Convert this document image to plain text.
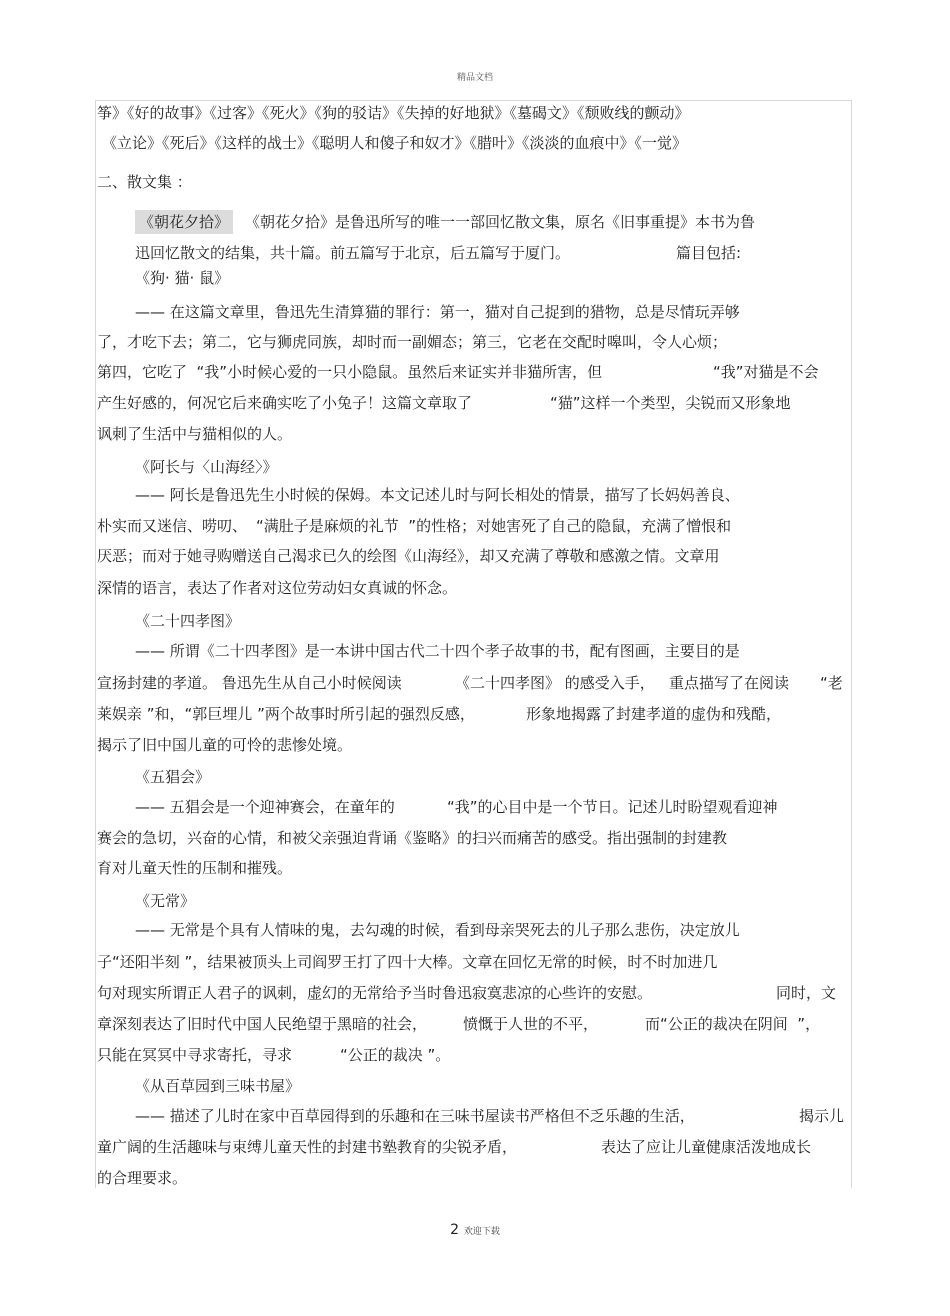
精品文档
筝》《好的故事》《过客》《死火》《狗的驳诘》《失掉的好地狱》《墓碣文》《颓败线的颤动》
《立论》《死后》《这样的战士》《聪明人和傻子和奴才》《腊叶》《淡淡的血痕中》《一觉》
二、散文集 ：
《朝花夕拾》 《朝花夕拾》是鲁迅所写的唯一一部回忆散文集，原名《旧事重提》本书为鲁
迅回忆散文的结集，共十篇。前五篇写于北京，后五篇写于厦门。	篇目包括:
《狗· 猫· 鼠》
—— 在这篇文章里，鲁迅先生清算猫的罪行：第一，猫对自己捉到的猎物，总是尽情玩弄够
了，才吃下去；第二，它与狮虎同族，却时而一副媚态；第三，它老在交配时嗥叫，令人心烦；
第四，它吃了  “我”小时候心爱的一只小隐鼠。虽然后来证实并非猫所害，但	“我”对猫是不会
产生好感的，何况它后来确实吃了小兔子！这篇文章取了	“猫”这样一个类型，尖锐而又形象地
讽刺了生活中与猫相似的人。
《阿长与〈山海经〉》
—— 阿长是鲁迅先生小时候的保姆。本文记述儿时与阿长相处的情景，描写了长妈妈善良、
朴实而又迷信、唠叨、 “满肚子是麻烦的礼节  ”的性格；对她害死了自己的隐鼠，充满了憎恨和
厌恶；而对于她寻购赠送自己渴求已久的绘图《山海经》，却又充满了尊敬和感激之情。文章用
深情的语言，表达了作者对这位劳动妇女真诚的怀念。
《二十四孝图》
—— 所谓《二十四孝图》是一本讲中国古代二十四个孝子故事的书，配有图画，主要目的是
宣扬封建的孝道。 鲁迅先生从自己小时候阅读	《二十四孝图》 的感受入手， 重点描写了在阅读 “老
莱娱亲 ”和，“郭巨埋儿 ”两个故事时所引起的强烈反感，	形象地揭露了封建孝道的虚伪和残酷，
揭示了旧中国儿童的可怜的悲惨处境。
《五猖会》
—— 五猖会是一个迎神赛会，在童年的	“我”的心目中是一个节日。记述儿时盼望观看迎神
赛会的急切，兴奋的心情，和被父亲强迫背诵《鉴略》的扫兴而痛苦的感受。指出强制的封建教
育对儿童天性的压制和摧残。
《无常》
—— 无常是个具有人情味的鬼，去勾魂的时候，看到母亲哭死去的儿子那么悲伤，决定放儿
子“还阳半刻 ”，结果被顶头上司阎罗王打了四十大棒。文章在回忆无常的时候，时不时加进几
句对现实所谓正人君子的讽刺，虚幻的无常给予当时鲁迅寂寞悲凉的心些许的安慰。	同时，文
章深刻表达了旧时代中国人民绝望于黑暗的社会， 愤慨于人世的不平，	而“公正的裁决在阴间  ”，
只能在冥冥中寻求寄托，寻求	“公正的裁决 ”。
《从百草园到三味书屋》
—— 描述了儿时在家中百草园得到的乐趣和在三味书屋读书严格但不乏乐趣的生活，	揭示儿
童广阔的生活趣味与束缚儿童天性的封建书塾教育的尖锐矛盾，	表达了应让儿童健康活泼地成长
的合理要求。
2 欢迎下载
